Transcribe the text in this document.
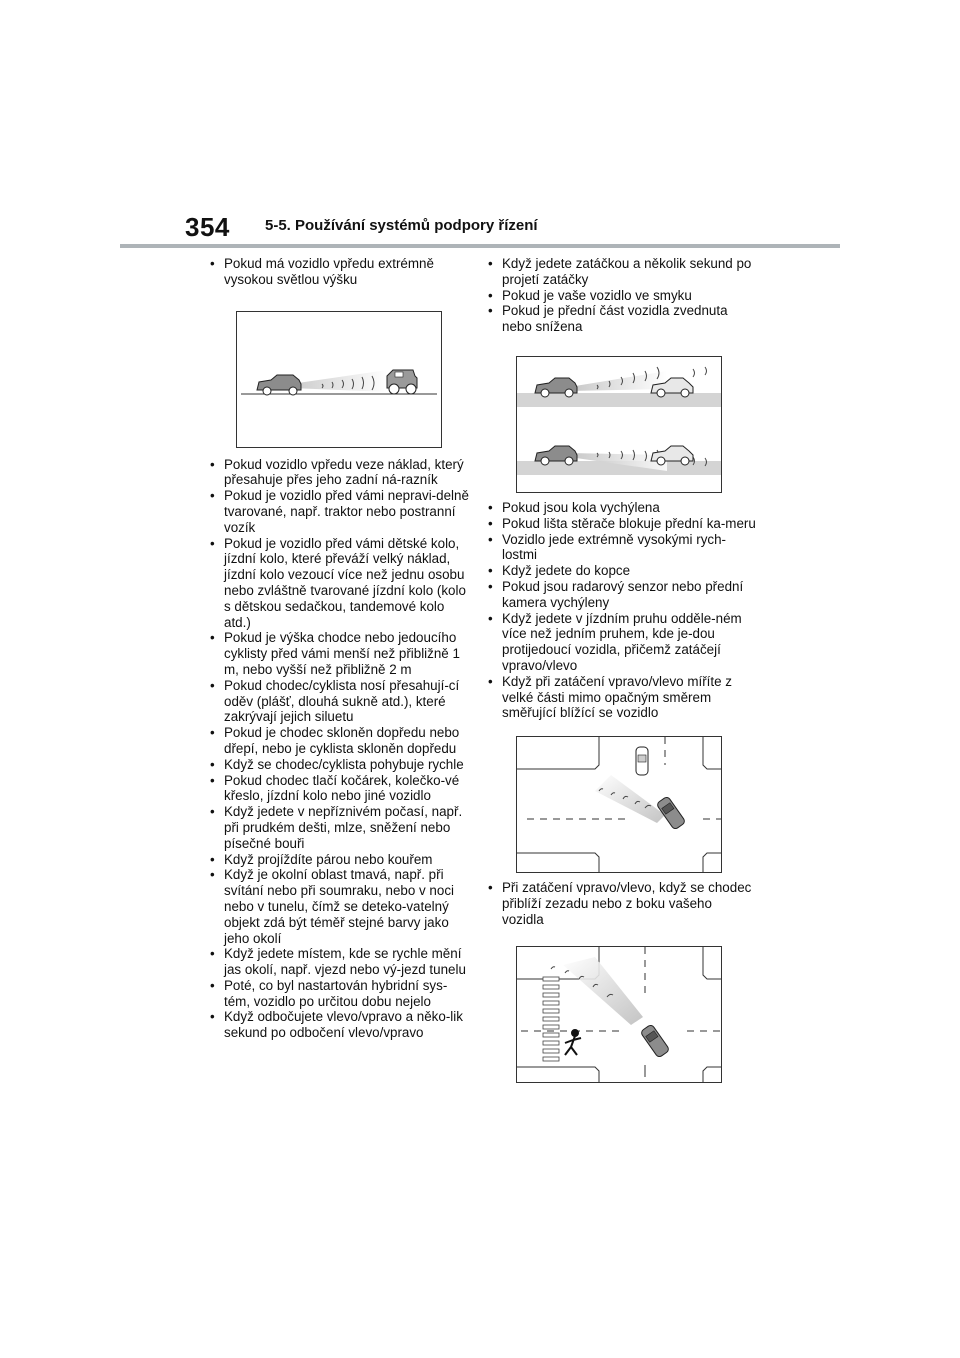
354 5-5. Používání systémů podpory řízení
• Pokud má vozidlo vpředu extrémně vysokou světlou výšku
• Pokud vozidlo vpředu veze náklad, který přesahuje přes jeho zadní ná-razník
• Pokud je vozidlo před vámi nepravi-delně tvarované, např. traktor nebo postranní vozík
• Pokud je vozidlo před vámi dětské kolo, jízdní kolo, které převáží velký náklad, jízdní kolo vezoucí více než jednu osobu nebo zvláštně tvarované jízdní kolo (kolo s dětskou sedačkou, tandemové kolo atd.)
• Pokud je výška chodce nebo jedoucího cyklisty před vámi menší než přibližně 1 m, nebo vyšší než přibližně 2 m
• Pokud chodec/cyklista nosí přesahují-cí oděv (plášť, dlouhá sukně atd.), které zakrývají jejich siluetu
• Pokud je chodec skloněn dopředu nebo dřepí, nebo je cyklista skloněn dopředu
• Když se chodec/cyklista pohybuje rychle
• Pokud chodec tlačí kočárek, kolečko-vé křeslo, jízdní kolo nebo jiné vozidlo
• Když jedete v nepříznivém počasí, např. při prudkém dešti, mlze, sněžení nebo písečné bouři
• Když projíždíte párou nebo kouřem
• Když je okolní oblast tmavá, např. při svítání nebo při soumraku, nebo v noci nebo v tunelu, čímž se deteko-vatelný objekt zdá být téměř stejné barvy jako jeho okolí
• Když jedete místem, kde se rychle mění jas okolí, např. vjezd nebo vý-jezd tunelu
• Poté, co byl nastartován hybridní sys-tém, vozidlo po určitou dobu nejelo
• Když odbočujete vlevo/vpravo a něko-lik sekund po odbočení vlevo/vpravo
• Když jedete zatáčkou a několik sekund po projetí zatáčky
• Pokud je vaše vozidlo ve smyku
• Pokud je přední část vozidla zvednuta nebo snížena
• Pokud jsou kola vychýlena
• Pokud lišta stěrače blokuje přední ka-meru
• Vozidlo jede extrémně vysokými rych-lostmi
• Když jedete do kopce
• Pokud jsou radarový senzor nebo přední kamera vychýleny
• Když jedete v jízdním pruhu odděle-ném více než jedním pruhem, kde je-dou protijedoucí vozidla, přičemž zatáčejí vpravo/vlevo
• Když při zatáčení vpravo/vlevo míříte z velké části mimo opačným směrem směřující blížící se vozidlo
• Při zatáčení vpravo/vlevo, když se chodec přiblíží zezadu nebo z boku vašeho vozidla
